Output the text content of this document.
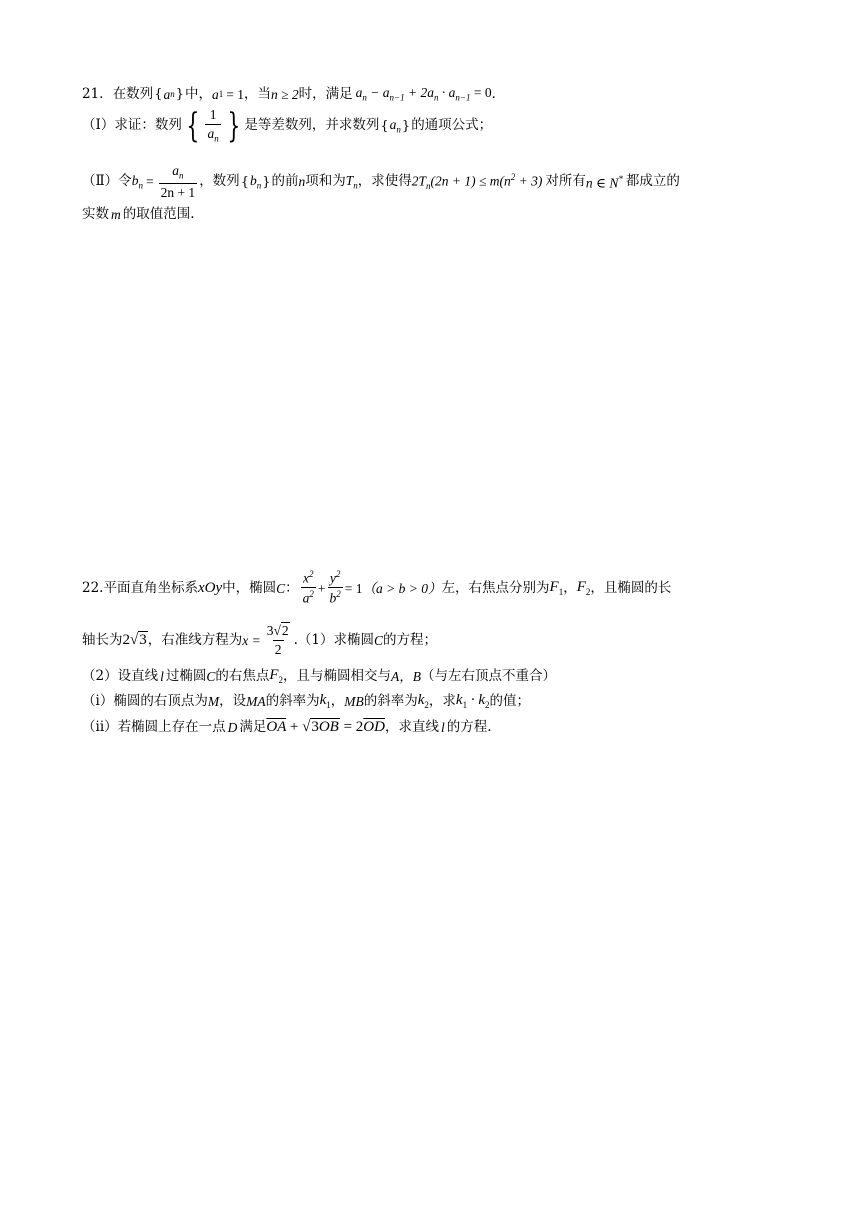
21． 在数列 { a n } 中， a 1 = 1 ，当 n ≥ 2 时，满足 $a_n - a_{n-1} + 2a_n \cdot a_{n-1} = 0$ ．
（Ⅰ）求证：数列 { $\frac{1}{a_n}$ } 是等差数列，并求数列 { $a_n$ } 的通项公式；
（Ⅱ）令 $b_n = \frac{a_n}{2n + 1}$ ，数列 { $b_n$ } 的前 n 项和为 $T_n$ ，求使得 $2T_n(2n + 1) \le m(n^2 + 3)$ 对所有 n ∈ N* 都成立的
实数 m 的取值范围.
22. 平面直角坐标系 xOy 中，椭圆 C ： $\frac{x^2}{a^2} + \frac{y^2}{b^2} = 1$ （a > b > 0） 左，右焦点分别为 $F_1$ ， $F_2$ ，且椭圆的长
轴长为 2√3 ，右准线方程为 $x = \frac{3√2}{2} .(1)$求椭圆 C 的方程；
（2）设直线 l 过椭圆 C 的右焦点 $F_2$ ，且与椭圆相交与 A，B （与左右顶点不重合）
（i）椭圆的右顶点为 M ，设 MA 的斜率为 $k_1$ ， MB 的斜率为 $k_2$ ，求 $k_1 \cdot k_2$ 的值；
（ii）若椭圆上存在一点 D 满足 $\overline{OA} + √3\overline{OB} = 2\overline{OD}$ ，求直线 l 的方程.
